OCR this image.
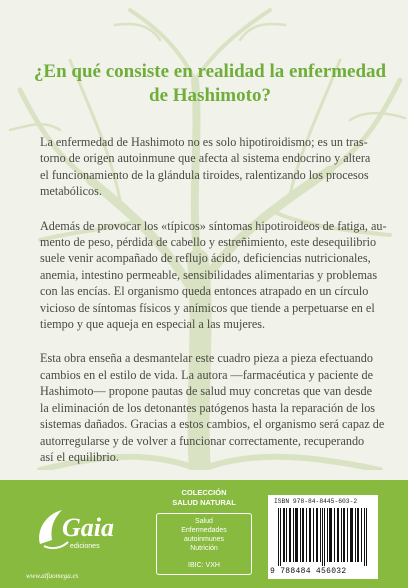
¿En qué consiste en realidad la enfermedad
de Hashimoto?

La enfermedad de Hashimoto no es solo hipotiroidismo; es un tras-
torno de origen autoinmune que afecta al sistema endocrino y altera
el funcionamiento de la glándula tiroides, ralentizando los procesos
metabólicos.

Además de provocar los «típicos» síntomas hipotiroideos de fatiga, au-
mento de peso, pérdida de cabello y estreñimiento, este desequilibrio
suele venir acompañado de reflujo ácido, deficiencias nutricionales,
anemia, intestino permeable, sensibilidades alimentarias y problemas
con las encías. El organismo queda entonces atrapado en un círculo
vicioso de síntomas físicos y anímicos que tiende a perpetuarse en el
tiempo y que aqueja en especial a las mujeres.

Esta obra enseña a desmantelar este cuadro pieza a pieza efectuando
cambios en el estilo de vida. La autora —farmacéutica y paciente de
Hashimoto— propone pautas de salud muy concretas que van desde
la eliminación de los detonantes patógenos hasta la reparación de los
sistemas dañados. Gracias a estos cambios, el organismo será capaz de
autorregularse y de volver a funcionar correctamente, recuperando
así el equilibrio.

Gaia
ediciones
www.alfaomega.es
COLECCIÓN
SALUD NATURAL
Salud
Enfermedades
autoinmunes
Nutrición
IBIC: VXH
ISBN 978-84-8445-603-2
9 788484 456032
